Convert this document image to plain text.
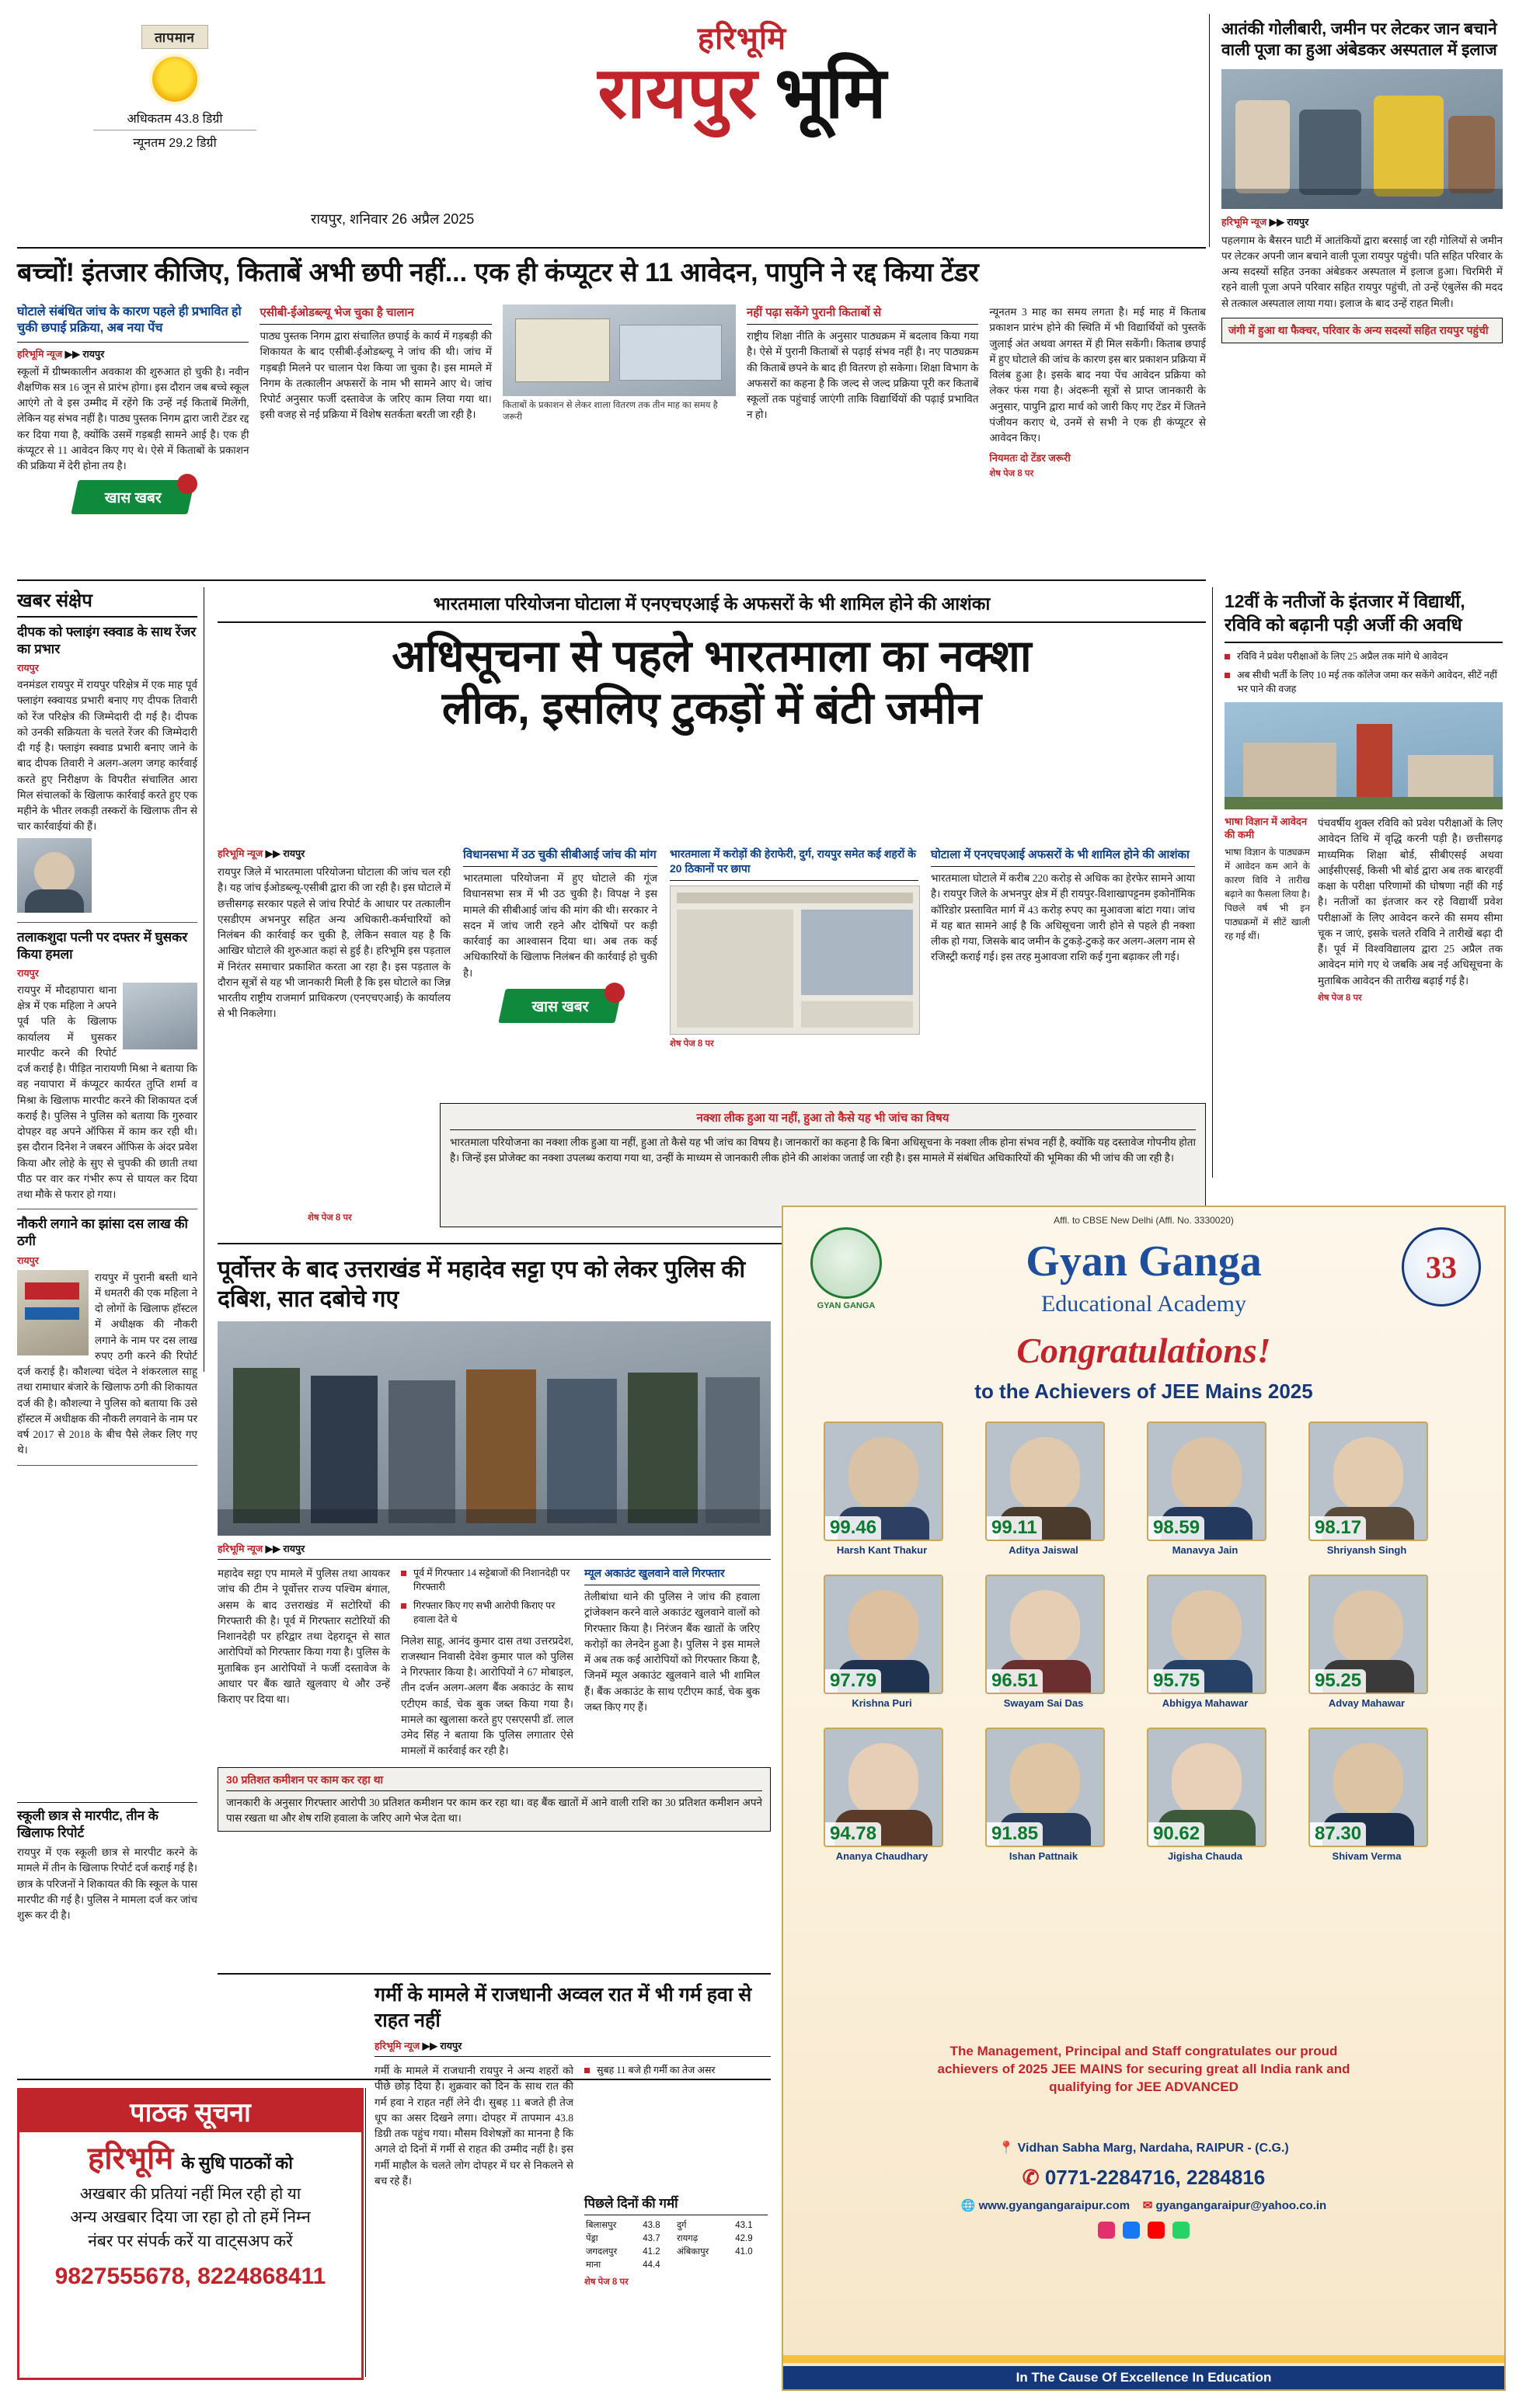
तापमान
अधिकतम 43.8 डिग्री
न्यूनतम 29.2 डिग्री
हरिभूमि
रायपुर भूमि
रायपुर, शनिवार 26 अप्रैल 2025
आतंकी गोलीबारी, जमीन पर लेटकर जान बचाने वाली पूजा का हुआ अंबेडकर अस्पताल में इलाज
हरिभूमि न्यूज ▶▶ रायपुर
पहलगाम के बैसरन घाटी में आतंकियों द्वारा बरसाई जा रही गोलियों से जमीन पर लेटकर अपनी जान बचाने वाली पूजा रायपुर पहुंची। पति सहित परिवार के अन्य सदस्यों सहित उनका अंबेडकर अस्पताल में इलाज हुआ। चिरमिरी में रहने वाली पूजा अपने परिवार सहित रायपुर पहुंची, तो उन्हें एंबुलेंस की मदद से तत्काल अस्पताल लाया गया। इलाज के बाद उन्हें राहत मिली।
जंगी में हुआ था फैक्चर, परिवार के अन्य सदस्यों सहित रायपुर पहुंची
बच्चों! इंतजार कीजिए, किताबें अभी छपी नहीं... एक ही कंप्यूटर से 11 आवेदन, पापुनि ने रद्द किया टेंडर
घोटाले संबंधित जांच के कारण पहले ही प्रभावित हो चुकी छपाई प्रक्रिया, अब नया पेंच
हरिभूमि न्यूज ▶▶ रायपुर
स्कूलों में ग्रीष्मकालीन अवकाश की शुरुआत हो चुकी है। नवीन शैक्षणिक सत्र 16 जून से प्रारंभ होगा। इस दौरान जब बच्चे स्कूल आएंगे तो वे इस उम्मीद में रहेंगे कि उन्हें नई किताबें मिलेंगी, लेकिन यह संभव नहीं है। पाठ्य पुस्तक निगम द्वारा जारी टेंडर रद्द कर दिया गया है, क्योंकि उसमें गड़बड़ी सामने आई है। एक ही कंप्यूटर से 11 आवेदन किए गए थे। ऐसे में किताबों के प्रकाशन की प्रक्रिया में देरी होना तय है।
खास खबर
एसीबी-ईओडब्ल्यू भेज चुका है चालान
पाठ्य पुस्तक निगम द्वारा संचालित छपाई के कार्य में गड़बड़ी की शिकायत के बाद एसीबी-ईओडब्ल्यू ने जांच की थी। जांच में गड़बड़ी मिलने पर चालान पेश किया जा चुका है। इस मामले में निगम के तत्कालीन अफसरों के नाम भी सामने आए थे। जांच रिपोर्ट अनुसार फर्जी दस्तावेज के जरिए काम लिया गया था। इसी वजह से नई प्रक्रिया में विशेष सतर्कता बरती जा रही है।
किताबों के प्रकाशन से लेकर शाला वितरण तक तीन माह का समय है जरूरी
नहीं पढ़ा सकेंगे पुरानी किताबों से
राष्ट्रीय शिक्षा नीति के अनुसार पाठ्यक्रम में बदलाव किया गया है। ऐसे में पुरानी किताबों से पढ़ाई संभव नहीं है। नए पाठ्यक्रम की किताबें छपने के बाद ही वितरण हो सकेगा। शिक्षा विभाग के अफसरों का कहना है कि जल्द से जल्द प्रक्रिया पूरी कर किताबें स्कूलों तक पहुंचाई जाएंगी ताकि विद्यार्थियों की पढ़ाई प्रभावित न हो।
न्यूनतम 3 माह का समय लगता है। मई माह में किताब प्रकाशन प्रारंभ होने की स्थिति में भी विद्यार्थियों को पुस्तकें जुलाई अंत अथवा अगस्त में ही मिल सकेंगी। किताब छपाई में हुए घोटाले की जांच के कारण इस बार प्रकाशन प्रक्रिया में विलंब हुआ है। इसके बाद नया पेंच आवेदन प्रक्रिया को लेकर फंस गया है। अंदरूनी सूत्रों से प्राप्त जानकारी के अनुसार, पापुनि द्वारा मार्च को जारी किए गए टेंडर में जितने पंजीयन कराए थे, उनमें से सभी ने एक ही कंप्यूटर से आवेदन किए।
नियमतः दो टेंडर जरूरी
शेष पेज 8 पर
खबर संक्षेप
दीपक को फ्लाइंग स्क्वाड के साथ रेंजर का प्रभार
रायपुर
वनमंडल रायपुर में रायपुर परिक्षेत्र में एक माह पूर्व फ्लाइंग स्क्वायड प्रभारी बनाए गए दीपक तिवारी को रेंज परिक्षेत्र की जिम्मेदारी दी गई है। दीपक को उनकी सक्रियता के चलते रेंजर की जिम्मेदारी दी गई है। फ्लाइंग स्क्वाड प्रभारी बनाए जाने के बाद दीपक तिवारी ने अलग-अलग जगह कार्रवाई करते हुए निरीक्षण के विपरीत संचालित आरा मिल संचालकों के खिलाफ कार्रवाई करते हुए एक महीने के भीतर लकड़ी तस्करों के खिलाफ तीन से चार कार्रवाईयां की हैं।
तलाकशुदा पत्नी पर दफ्तर में घुसकर किया हमला
रायपुर
रायपुर में मौदहापारा थाना क्षेत्र में एक महिला ने अपने पूर्व पति के खिलाफ कार्यालय में घुसकर मारपीट करने की रिपोर्ट दर्ज कराई है। पीड़ित नारायणी मिश्रा ने बताया कि वह नयापारा में कंप्यूटर कार्यरत तुप्ति शर्मा व मिश्रा के खिलाफ मारपीट करने की शिकायत दर्ज कराई है। पुलिस ने पुलिस को बताया कि गुरुवार दोपहर वह अपने ऑफिस में काम कर रही थी। इस दौरान दिनेश ने जबरन ऑफिस के अंदर प्रवेश किया और लोहे के सुए से चुपकी की छाती तथा पीठ पर वार कर गंभीर रूप से घायल कर दिया तथा मौके से फरार हो गया।
नौकरी लगाने का झांसा दस लाख की ठगी
रायपुर
रायपुर में पुरानी बस्ती थाने में धमतरी की एक महिला ने दो लोगों के खिलाफ हॉस्टल में अधीक्षक की नौकरी लगाने के नाम पर दस लाख रुपए ठगी करने की रिपोर्ट दर्ज कराई है। कौशल्या चंदेल ने शंकरलाल साहू तथा रामाधार बंजारे के खिलाफ ठगी की शिकायत दर्ज की है। कौशल्या ने पुलिस को बताया कि उसे हॉस्टल में अधीक्षक की नौकरी लगवाने के नाम पर वर्ष 2017 से 2018 के बीच पैसे लेकर लिए गए थे।
स्कूली छात्र से मारपीट, तीन के खिलाफ रिपोर्ट
रायपुर में एक स्कूली छात्र से मारपीट करने के मामले में तीन के खिलाफ रिपोर्ट दर्ज कराई गई है। छात्र के परिजनों ने शिकायत की कि स्कूल के पास मारपीट की गई है। पुलिस ने मामला दर्ज कर जांच शुरू कर दी है।
भारतमाला परियोजना घोटाला में एनएचएआई के अफसरों के भी शामिल होने की आशंका
अधिसूचना से पहले भारतमाला का नक्शा
लीक, इसलिए टुकड़ों में बंटी जमीन
हरिभूमि न्यूज ▶▶ रायपुर
रायपुर जिले में भारतमाला परियोजना घोटाला की जांच चल रही है। यह जांच ईओडब्ल्यू-एसीबी द्वारा की जा रही है। इस घोटाले में छत्तीसगढ़ सरकार पहले से जांच रिपोर्ट के आधार पर तत्कालीन एसडीएम अभनपुर सहित अन्य अधिकारी-कर्मचारियों को निलंबन की कार्रवाई कर चुकी है, लेकिन सवाल यह है कि आखिर घोटाले की शुरुआत कहां से हुई है। हरिभूमि इस पड़ताल में निरंतर समाचार प्रकाशित करता आ रहा है। इस पड़ताल के दौरान सूत्रों से यह भी जानकारी मिली है कि इस घोटाले का जिन्न भारतीय राष्ट्रीय राजमार्ग प्राधिकरण (एनएचएआई) के कार्यालय से भी निकलेगा।
विधानसभा में उठ चुकी सीबीआई जांच की मांग
भारतमाला परियोजना में हुए घोटाले की गूंज विधानसभा सत्र में भी उठ चुकी है। विपक्ष ने इस मामले की सीबीआई जांच की मांग की थी। सरकार ने सदन में जांच जारी रहने और दोषियों पर कड़ी कार्रवाई का आश्वासन दिया था। अब तक कई अधिकारियों के खिलाफ निलंबन की कार्रवाई हो चुकी है।
खास खबर
भारतमाला में करोड़ों की हेराफेरी, दुर्ग, रायपुर समेत कई शहरों के 20 ठिकानों पर छापा
शेष पेज 8 पर
घोटाला में एनएचएआई अफसरों के भी शामिल होने की आशंका
भारतमाला घोटाले में करीब 220 करोड़ से अधिक का हेरफेर सामने आया है। रायपुर जिले के अभनपुर क्षेत्र में ही रायपुर-विशाखापट्टनम इकोनॉमिक कॉरिडोर प्रस्तावित मार्ग में 43 करोड़ रुपए का मुआवजा बांटा गया। जांच में यह बात सामने आई है कि अधिसूचना जारी होने से पहले ही नक्शा लीक हो गया, जिसके बाद जमीन के टुकड़े-टुकड़े कर अलग-अलग नाम से रजिस्ट्री कराई गई। इस तरह मुआवजा राशि कई गुना बढ़ाकर ली गई।
नक्शा लीक हुआ या नहीं, हुआ तो कैसे यह भी जांच का विषय
भारतमाला परियोजना का नक्शा लीक हुआ या नहीं, हुआ तो कैसे यह भी जांच का विषय है। जानकारों का कहना है कि बिना अधिसूचना के नक्शा लीक होना संभव नहीं है, क्योंकि यह दस्तावेज गोपनीय होता है। जिन्हें इस प्रोजेक्ट का नक्शा उपलब्ध कराया गया था, उन्हीं के माध्यम से जानकारी लीक होने की आशंका जताई जा रही है। इस मामले में संबंधित अधिकारियों की भूमिका की भी जांच की जा रही है।
शेष पेज 8 पर
12वीं के नतीजों के इंतजार में विद्यार्थी, रविवि को बढ़ानी पड़ी अर्जी की अवधि
रविवि ने प्रवेश परीक्षाओं के लिए 25 अप्रैल तक मांगे थे आवेदन
अब सीधी भर्ती के लिए 10 मई तक कॉलेज जमा कर सकेंगे आवेदन, सीटें नहीं भर पाने की वजह
भाषा विज्ञान में आवेदन की कमी
भाषा विज्ञान के पाठ्यक्रम में आवेदन कम आने के कारण विवि ने तारीख बढ़ाने का फैसला लिया है। पिछले वर्ष भी इन पाठ्यक्रमों में सीटें खाली रह गई थीं।
पंचवर्षीय शुक्ल रविवि को प्रवेश परीक्षाओं के लिए आवेदन तिथि में वृद्धि करनी पड़ी है। छत्तीसगढ़ माध्यमिक शिक्षा बोर्ड, सीबीएसई अथवा आईसीएसई, किसी भी बोर्ड द्वारा अब तक बारहवीं कक्षा के परीक्षा परिणामों की घोषणा नहीं की गई है। नतीजों का इंतजार कर रहे विद्यार्थी प्रवेश परीक्षाओं के लिए आवेदन करने की समय सीमा चूक न जाएं, इसके चलते रविवि ने तारीखें बढ़ा दी हैं। पूर्व में विश्वविद्यालय द्वारा 25 अप्रैल तक आवेदन मांगे गए थे जबकि अब नई अधिसूचना के मुताबिक आवेदन की तारीख बढ़ाई गई है।
शेष पेज 8 पर
पूर्वोत्तर के बाद उत्तराखंड में महादेव सट्टा एप को लेकर पुलिस की दबिश, सात दबोचे गए
हरिभूमि न्यूज ▶▶ रायपुर
महादेव सट्टा एप मामले में पुलिस तथा आयकर जांच की टीम ने पूर्वोत्तर राज्य पश्चिम बंगाल, असम के बाद उत्तराखंड में सटोरियों की गिरफ्तारी की है। पूर्व में गिरफ्तार सटोरियों की निशानदेही पर हरिद्वार तथा देहरादून से सात आरोपियों को गिरफ्तार किया गया है। पुलिस के मुताबिक इन आरोपियों ने फर्जी दस्तावेज के आधार पर बैंक खाते खुलवाए थे और उन्हें किराए पर दिया था।
पूर्व में गिरफ्तार 14 सट्टेबाजों की निशानदेही पर गिरफ्तारी
गिरफ्तार किए गए सभी आरोपी किराए पर हवाला देते थे
निलेश साहू, आनंद कुमार दास तथा उत्तरप्रदेश, राजस्थान निवासी देवेश कुमार पाल को पुलिस ने गिरफ्तार किया है। आरोपियों ने 67 मोबाइल, तीन दर्जन अलग-अलग बैंक अकाउंट के साथ एटीएम कार्ड, चेक बुक जब्त किया गया है। मामले का खुलासा करते हुए एसएसपी डॉ. लाल उमेद सिंह ने बताया कि पुलिस लगातार ऐसे मामलों में कार्रवाई कर रही है।
म्यूल अकाउंट खुलवाने वाले गिरफ्तार
तेलीबांधा थाने की पुलिस ने जांच की हवाला ट्रांजेक्शन करने वाले अकाउंट खुलवाने वालों को गिरफ्तार किया है। निरंजन बैंक खातों के जरिए करोड़ों का लेनदेन हुआ है। पुलिस ने इस मामले में अब तक कई आरोपियों को गिरफ्तार किया है, जिनमें म्यूल अकाउंट खुलवाने वाले भी शामिल हैं। बैंक अकाउंट के साथ एटीएम कार्ड, चेक बुक जब्त किए गए हैं।
30 प्रतिशत कमीशन पर काम कर रहा था
जानकारी के अनुसार गिरफ्तार आरोपी 30 प्रतिशत कमीशन पर काम कर रहा था। वह बैंक खातों में आने वाली राशि का 30 प्रतिशत कमीशन अपने पास रखता था और शेष राशि हवाला के जरिए आगे भेज देता था।
गर्मी के मामले में राजधानी अव्वल रात में भी गर्म हवा से राहत नहीं
हरिभूमि न्यूज ▶▶ रायपुर
गर्मी के मामले में राजधानी रायपुर ने अन्य शहरों को पीछे छोड़ दिया है। शुक्रवार को दिन के साथ रात की गर्म हवा ने राहत नहीं लेने दी। सुबह 11 बजते ही तेज धूप का असर दिखने लगा। दोपहर में तापमान 43.8 डिग्री तक पहुंच गया। मौसम विशेषज्ञों का मानना है कि अगले दो दिनों में गर्मी से राहत की उम्मीद नहीं है। इस गर्मी माहौल के चलते लोग दोपहर में घर से निकलने से बच रहे हैं।
सुबह 11 बजे ही गर्मी का तेज असर
पिछले दिनों की गर्मी
बिलासपुर	43.8	दुर्ग	43.1
पेंड्रा	43.7	रायगढ़	42.9
जगदलपुर	41.2	अंबिकापुर	41.0
माना	44.4		
शेष पेज 8 पर
पाठक सूचना
हरिभूमि के सुधि पाठकों को
अखबार की प्रतियां नहीं मिल रही हो या
अन्य अखबार दिया जा रहा हो तो हमें निम्न
नंबर पर संपर्क करें या वाट्सअप करें
9827555678, 8224868411
Affl. to CBSE New Delhi (Affl. No. 3330020)
GYAN GANGA
33
Gyan Ganga
Educational Academy
Congratulations!
to the Achievers of JEE Mains 2025
99.46
Harsh Kant Thakur
99.11
Aditya Jaiswal
98.59
Manavya Jain
98.17
Shriyansh Singh
97.79
Krishna Puri
96.51
Swayam Sai Das
95.75
Abhigya Mahawar
95.25
Advay Mahawar
94.78
Ananya Chaudhary
91.85
Ishan Pattnaik
90.62
Jigisha Chauda
87.30
Shivam Verma
The Management, Principal and Staff congratulates our proud
achievers of 2025 JEE MAINS for securing great all India rank and
qualifying for JEE ADVANCED
📍 Vidhan Sabha Marg, Nardaha, RAIPUR - (C.G.)
✆ 0771-2284716, 2284816
🌐 www.gyangangaraipur.com ✉ gyangangaraipur@yahoo.co.in

In The Cause Of Excellence In Education
